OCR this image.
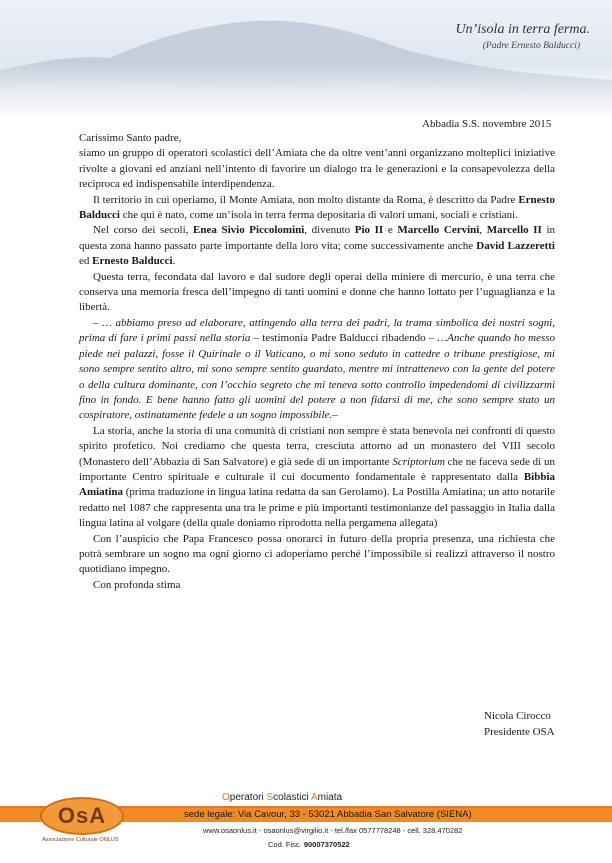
Un’isola in terra ferma.
(Padre Ernesto Balducci)
Abbadia S.S. novembre 2015

Carissimo Santo padre,

siamo un gruppo di operatori scolastici dell’Amiata che da oltre vent’anni organizzano molteplici iniziative rivolte a giovani ed anziani nell’intento di favorire un dialogo tra le generazioni e la consapevolezza della reciproca ed indispensabile interdipendenza.

Il territorio in cui operiamo, il Monte Amiata, non molto distante da Roma, è descritto da Padre Ernesto Balducci che qui è nato, come un’isola in terra ferma depositaria di valori umani, sociali e cristiani.

Nel corso dei secoli, Enea Sivio Piccolomini, divenuto Pio II e Marcello Cervini, Marcello II in questa zona hanno passato parte importante della loro vita; come successivamente anche David Lazzeretti ed Ernesto Balducci.

Questa terra, fecondata dal lavoro e dal sudore degli operai della miniere di mercurio, è una terra che conserva una memoria fresca dell’impegno di tanti uomini e donne che hanno lottato per l’uguaglianza e la libertà.

– … abbiamo preso ad elaborare, attingendo alla terra dei padri, la trama simbolica dei nostri sogni, prima di fare i primi passi nella storia – testimonia Padre Balducci ribadendo – …Anche quando ho messo piede nei palazzi, fosse il Quirinale o il Vaticano, o mi sono seduto in cattedre o tribune prestigiose, mi sono sempre sentito altro, mi sono sempre sentito guardato, mentre mi intrattenevo con la gente del potere o della cultura dominante, con l’occhio segreto che mi teneva sotto controllo impedendomi di civilizzarmi fino in fondo. E bene hanno fatto gli uomini del potere a non fidarsi di me, che sono sempre stato un cospiratore, ostinatamente fedele a un sogno impossibile.–

La storia, anche la storia di una comunità di cristiani non sempre è stata benevola nei confronti di questo spirito profetico. Noi crediamo che questa terra, cresciuta attorno ad un monastero del VIII secolo (Monastero dell’Abbazia di San Salvatore) e già sede di un importante Scriptorium che ne faceva sede di un importante Centro spirituale e culturale il cui documento fondamentale è rappresentato dalla Bibbia Amiatina (prima traduzione in lingua latina redatta da san Gerolamo). La Postilla Amiatina; un atto notarile redatto nel 1087 che rappresenta una tra le prime e più importanti testimonianze del passaggio in Italia dalla lingua latina al volgare (della quale doniamo riprodotta nella pergamena allegata)

Con l’auspicio che Papa Francesco possa onorarci in futuro della propria presenza, una richiesta che potrà sembrare un sogno ma ogni giorno ci adoperiamo perché l’impossibile si realizzi attraverso il nostro quotidiano impegno.

Con profonda stima

Nicola Cirocco
Presidente OSA
OsA
Associazione Culturale ONLUS
Operatori Scolastici Amiata
sede legale: Via Cavour, 33 - 53021 Abbadia San Salvatore (SIENA)
www.osaonlus.it - osaonlus@virgilio.it - tel./fax 0577778248 - cell. 328.470282
Cod. Fisc. 90007370522
